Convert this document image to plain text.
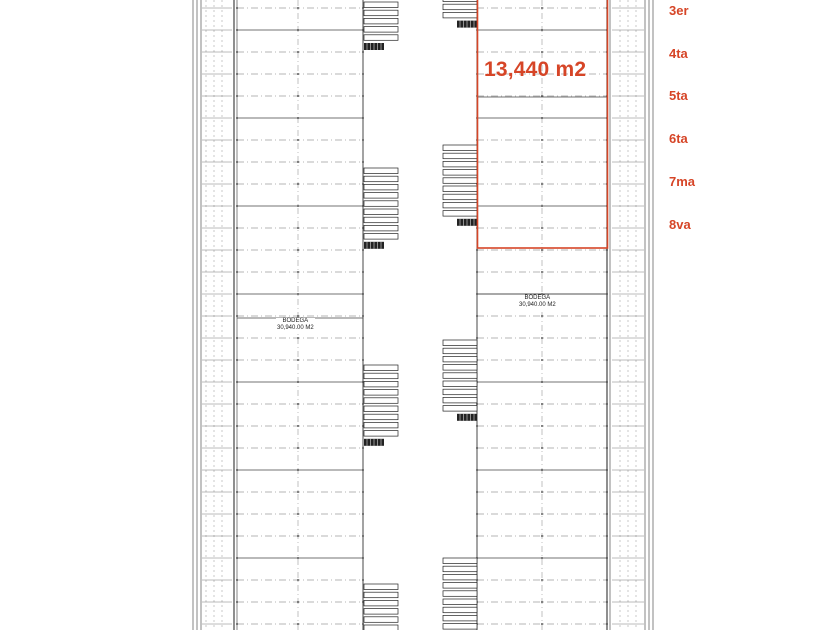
13,440 m2
3er
4ta
5ta
6ta
7ma
8va
BODEGA
30,940.00 M2
BODEGA
30,940.00 M2
